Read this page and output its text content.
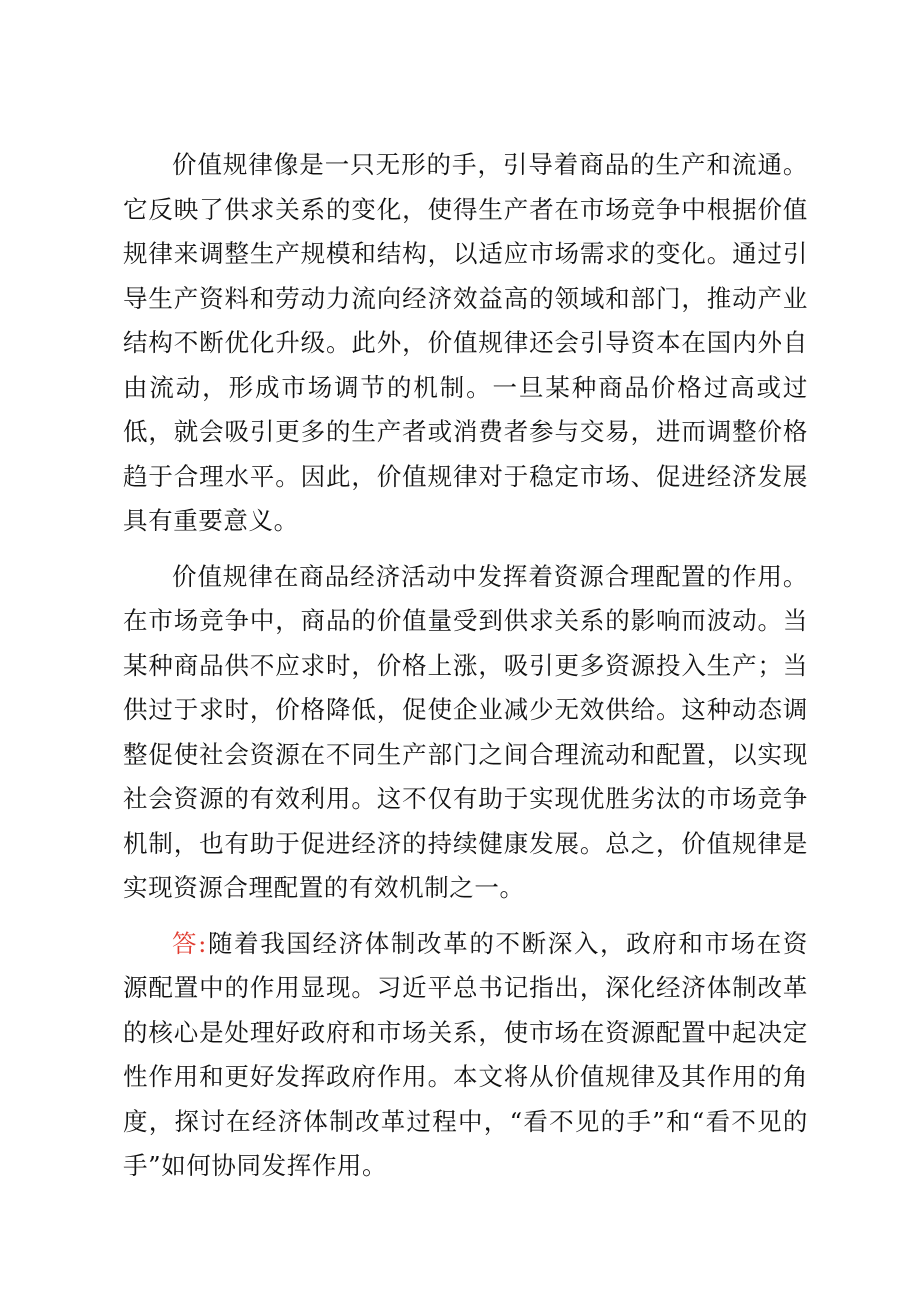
价值规律像是一只无形的手，引导着商品的生产和流通。它反映了供求关系的变化，使得生产者在市场竞争中根据价值规律来调整生产规模和结构，以适应市场需求的变化。通过引导生产资料和劳动力流向经济效益高的领域和部门，推动产业结构不断优化升级。此外，价值规律还会引导资本在国内外自由流动，形成市场调节的机制。一旦某种商品价格过高或过低，就会吸引更多的生产者或消费者参与交易，进而调整价格趋于合理水平。因此，价值规律对于稳定市场、促进经济发展具有重要意义。

价值规律在商品经济活动中发挥着资源合理配置的作用。在市场竞争中，商品的价值量受到供求关系的影响而波动。当某种商品供不应求时，价格上涨，吸引更多资源投入生产；当供过于求时，价格降低，促使企业减少无效供给。这种动态调整促使社会资源在不同生产部门之间合理流动和配置，以实现社会资源的有效利用。这不仅有助于实现优胜劣汰的市场竞争机制，也有助于促进经济的持续健康发展。总之，价值规律是实现资源合理配置的有效机制之一。

答:随着我国经济体制改革的不断深入，政府和市场在资源配置中的作用显现。习近平总书记指出，深化经济体制改革的核心是处理好政府和市场关系，使市场在资源配置中起决定性作用和更好发挥政府作用。本文将从价值规律及其作用的角度，探讨在经济体制改革过程中，“看不见的手”和“看不见的手”如何协同发挥作用。
